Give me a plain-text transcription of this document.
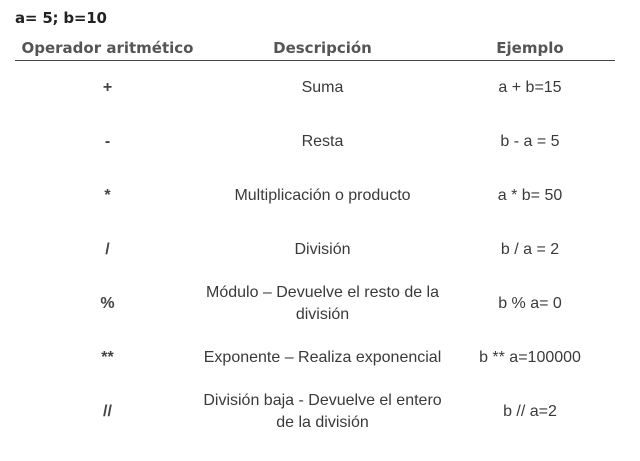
a= 5; b=10
Operador aritmético	Descripción	Ejemplo
+	Suma	a + b=15
-	Resta	b - a = 5
*	Multiplicación o producto	a * b= 50
/	División	b / a = 2
%	Módulo – Devuelve el resto de la división	b % a= 0
**	Exponente – Realiza exponencial	b ** a=100000
//	División baja - Devuelve el entero de la división	b // a=2
